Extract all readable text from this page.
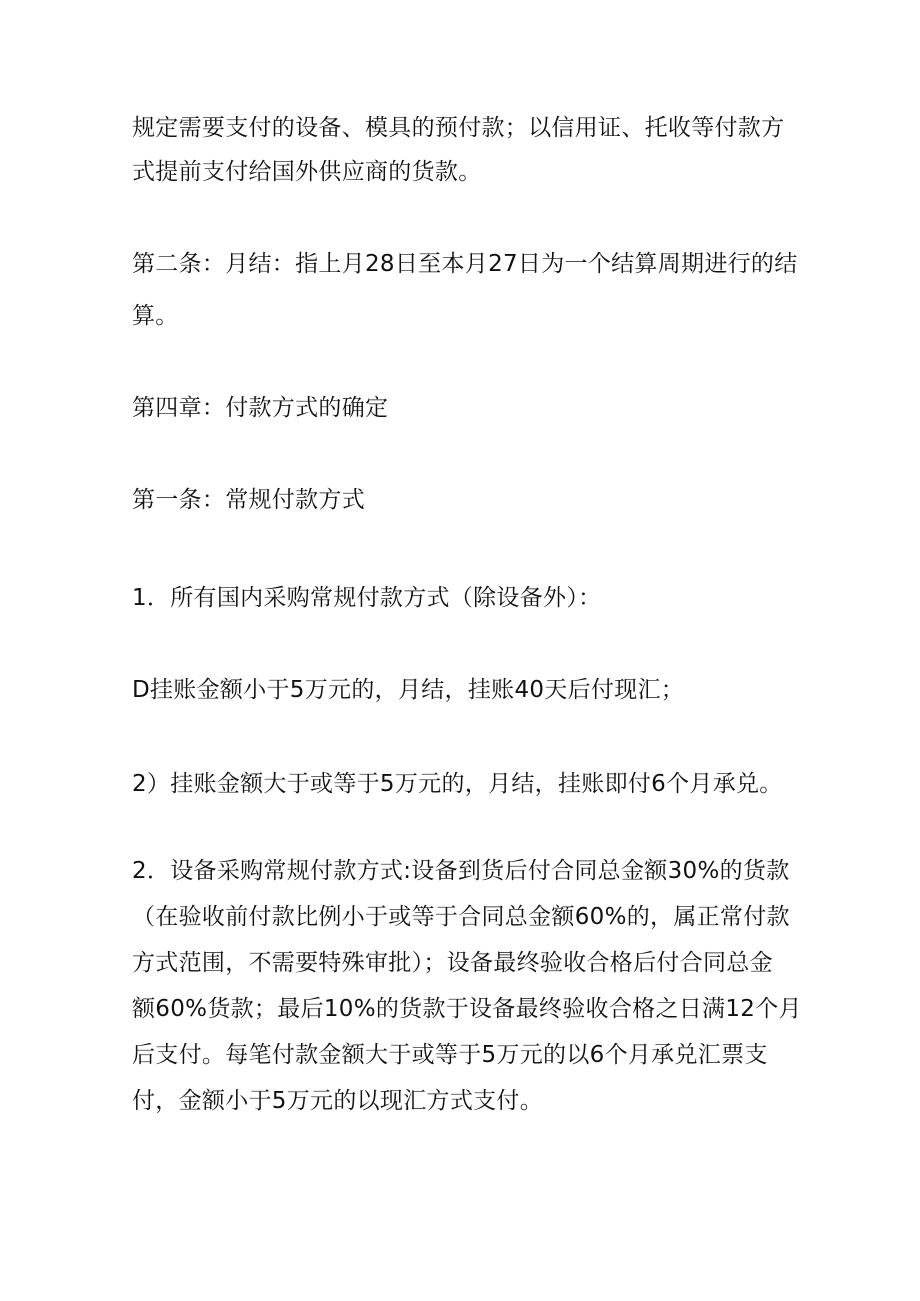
规定需要支付的设备、模具的预付款；以信用证、托收等付款方
式提前支付给国外供应商的货款。

第二条：月结：指上月28日至本月27日为一个结算周期进行的结
算。

第四章：付款方式的确定

第一条：常规付款方式

1．所有国内采购常规付款方式（除设备外）：

D挂账金额小于5万元的，月结，挂账40天后付现汇；

2）挂账金额大于或等于5万元的，月结，挂账即付6个月承兑。

2．设备采购常规付款方式:设备到货后付合同总金额30%的货款
（在验收前付款比例小于或等于合同总金额60%的，属正常付款
方式范围，不需要特殊审批）；设备最终验收合格后付合同总金
额60%货款；最后10%的货款于设备最终验收合格之日满12个月
后支付。每笔付款金额大于或等于5万元的以6个月承兑汇票支
付，金额小于5万元的以现汇方式支付。
